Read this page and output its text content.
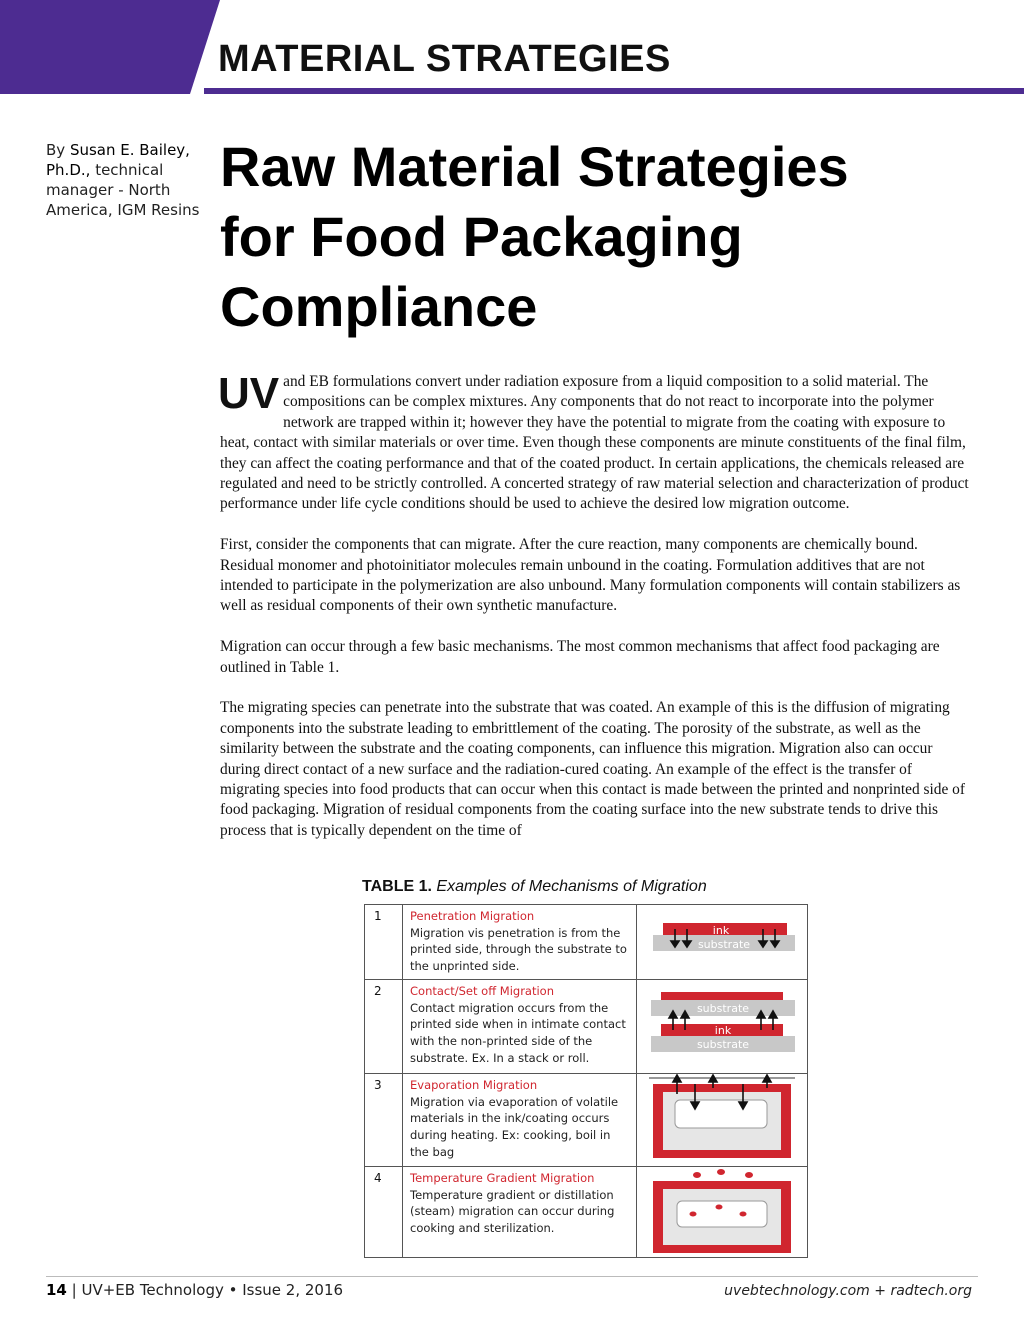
MATERIAL STRATEGIES
By Susan E. Bailey, Ph.D., technical manager - North America, IGM Resins
Raw Material Strategies
for Food Packaging
Compliance

UV and EB formulations convert under radiation exposure from a liquid composition to a solid material. The compositions can be complex mixtures. Any components that do not react to incorporate into the polymer network are trapped within it; however they have the potential to migrate from the coating with exposure to heat, contact with similar materials or over time. Even though these components are minute constituents of the final film, they can affect the coating performance and that of the coated product. In certain applications, the chemicals released are regulated and need to be strictly controlled. A concerted strategy of raw material selection and characterization of product performance under life cycle conditions should be used to achieve the desired low migration outcome.

First, consider the components that can migrate. After the cure reaction, many components are chemically bound. Residual monomer and photoinitiator molecules remain unbound in the coating. Formulation additives that are not intended to participate in the polymerization are also unbound. Many formulation components will contain stabilizers as well as residual components of their own synthetic manufacture.

Migration can occur through a few basic mechanisms. The most common mechanisms that affect food packaging are outlined in Table 1.

The migrating species can penetrate into the substrate that was coated. An example of this is the diffusion of migrating components into the substrate leading to embrittlement of the coating. The porosity of the substrate, as well as the similarity between the substrate and the coating components, can influence this migration. Migration also can occur during direct contact of a new surface and the radiation-cured coating. An example of the effect is the transfer of migrating species into food products that can occur when this contact is made between the printed and nonprinted side of food packaging. Migration of residual components from the coating surface into the new substrate tends to drive this process that is typically dependent on the time of

TABLE 1. Examples of Mechanisms of Migration
1	Penetration Migration
Migration vis penetration is from the printed side, through the substrate to the unprinted side.
ink
substrate
2	Contact/Set off Migration
Contact migration occurs from the printed side when in intimate contact with the non-printed side of the substrate. Ex. In a stack or roll.
substrate
ink
substrate
3	Evaporation Migration
Migration via evaporation of volatile materials in the ink/coating occurs during heating. Ex: cooking, boil in the bag
4	Temperature Gradient Migration
Temperature gradient or distillation (steam) migration can occur during cooking and sterilization.
14 | UV+EB Technology • Issue 2, 2016	uvebtechnology.com + radtech.org
